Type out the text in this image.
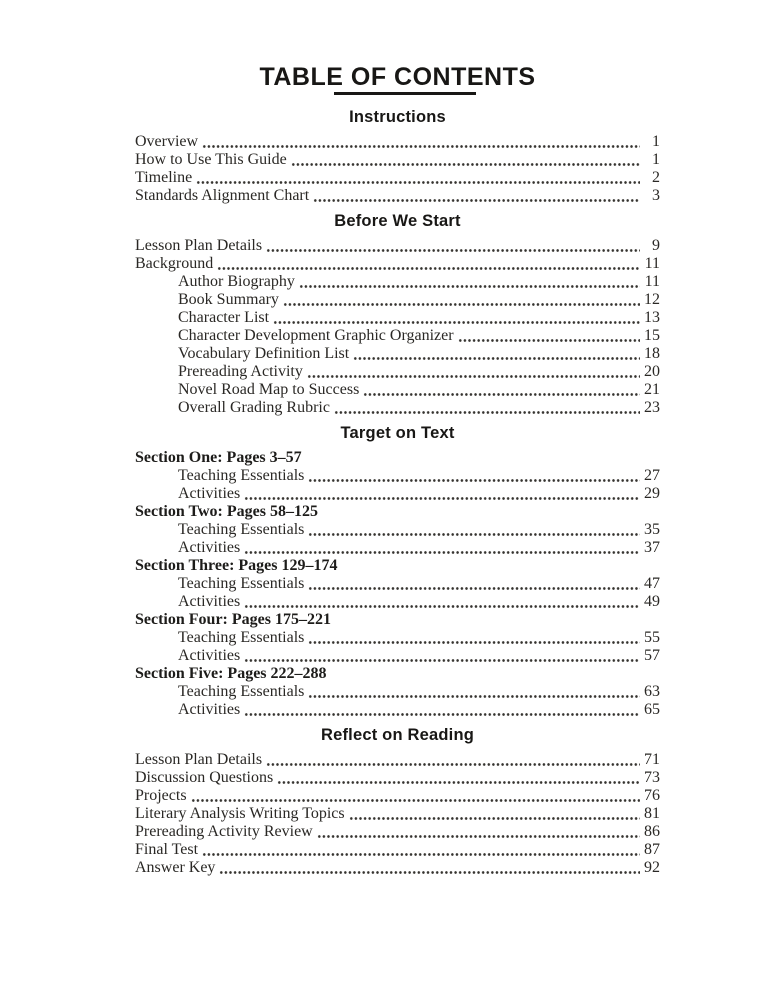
TABLE OF CONTENTS
Instructions
Overview	1
How to Use This Guide	1
Timeline	2
Standards Alignment Chart	3
Before We Start
Lesson Plan Details	9
Background	11
Author Biography	11
Book Summary	12
Character List	13
Character Development Graphic Organizer	15
Vocabulary Definition List	18
Prereading Activity	20
Novel Road Map to Success	21
Overall Grading Rubric	23
Target on Text
Section One: Pages 3–57
Teaching Essentials	27
Activities	29
Section Two: Pages 58–125
Teaching Essentials	35
Activities	37
Section Three: Pages 129–174
Teaching Essentials	47
Activities	49
Section Four: Pages 175–221
Teaching Essentials	55
Activities	57
Section Five: Pages 222–288
Teaching Essentials	63
Activities	65
Reflect on Reading
Lesson Plan Details	71
Discussion Questions	73
Projects	76
Literary Analysis Writing Topics	81
Prereading Activity Review	86
Final Test	87
Answer Key	92
